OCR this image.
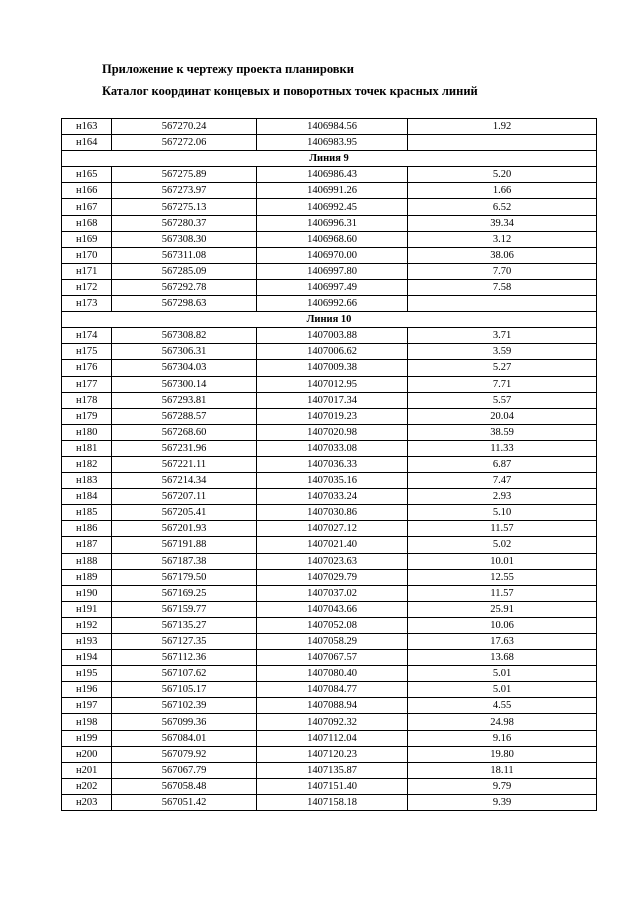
Приложение к чертежу проекта планировки
Каталог координат концевых и поворотных точек красных линий
н163	567270.24	1406984.56	1.92
н164	567272.06	1406983.95	
Линия 9			
н165	567275.89	1406986.43	5.20
н166	567273.97	1406991.26	1.66
н167	567275.13	1406992.45	6.52
н168	567280.37	1406996.31	39.34
н169	567308.30	1406968.60	3.12
н170	567311.08	1406970.00	38.06
н171	567285.09	1406997.80	7.70
н172	567292.78	1406997.49	7.58
н173	567298.63	1406992.66	
Линия 10			
н174	567308.82	1407003.88	3.71
н175	567306.31	1407006.62	3.59
н176	567304.03	1407009.38	5.27
н177	567300.14	1407012.95	7.71
н178	567293.81	1407017.34	5.57
н179	567288.57	1407019.23	20.04
н180	567268.60	1407020.98	38.59
н181	567231.96	1407033.08	11.33
н182	567221.11	1407036.33	6.87
н183	567214.34	1407035.16	7.47
н184	567207.11	1407033.24	2.93
н185	567205.41	1407030.86	5.10
н186	567201.93	1407027.12	11.57
н187	567191.88	1407021.40	5.02
н188	567187.38	1407023.63	10.01
н189	567179.50	1407029.79	12.55
н190	567169.25	1407037.02	11.57
н191	567159.77	1407043.66	25.91
н192	567135.27	1407052.08	10.06
н193	567127.35	1407058.29	17.63
н194	567112.36	1407067.57	13.68
н195	567107.62	1407080.40	5.01
н196	567105.17	1407084.77	5.01
н197	567102.39	1407088.94	4.55
н198	567099.36	1407092.32	24.98
н199	567084.01	1407112.04	9.16
н200	567079.92	1407120.23	19.80
н201	567067.79	1407135.87	18.11
н202	567058.48	1407151.40	9.79
н203	567051.42	1407158.18	9.39
